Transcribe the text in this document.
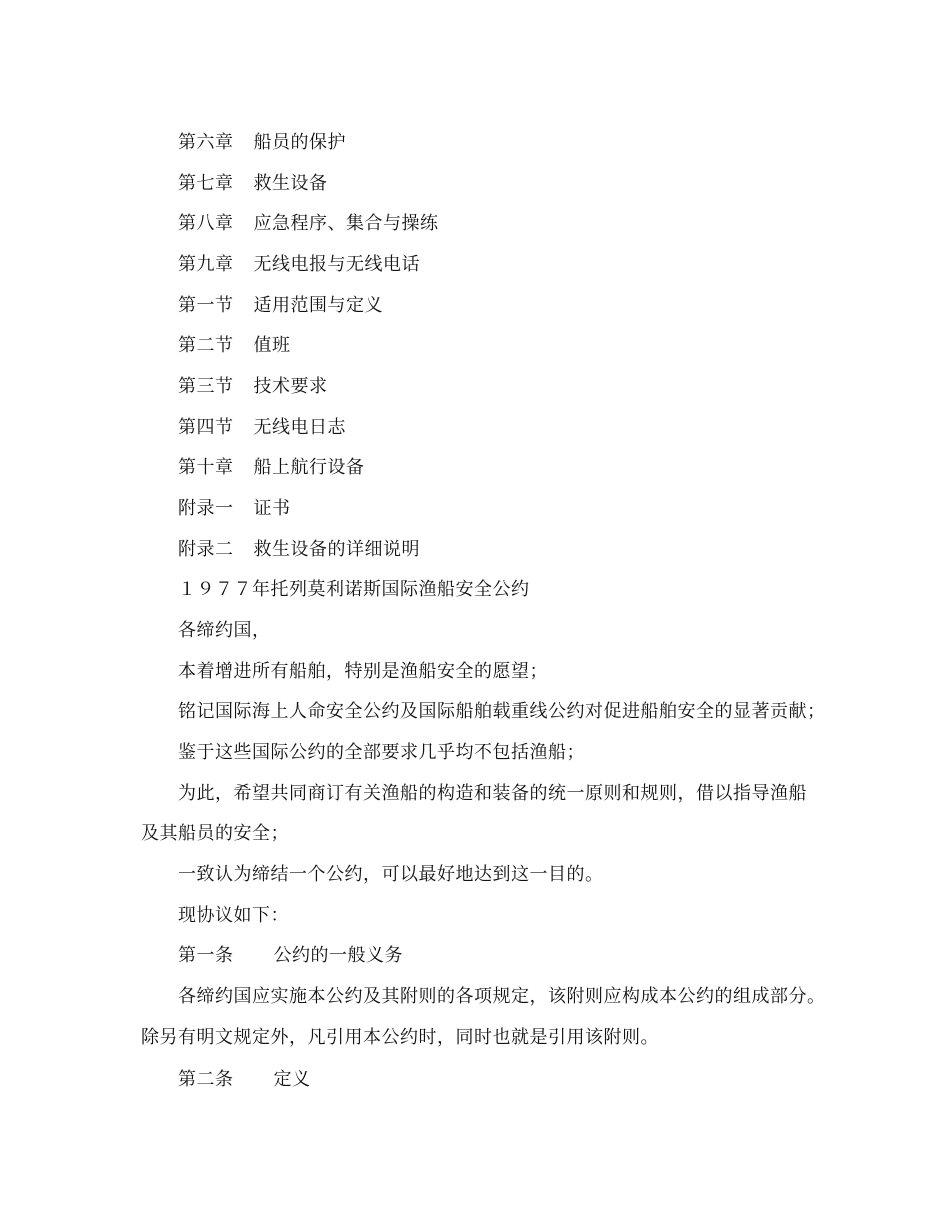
第六章 船员的保护
第七章 救生设备
第八章 应急程序、集合与操练
第九章 无线电报与无线电话
第一节 适用范围与定义
第二节 值班
第三节 技术要求
第四节 无线电日志
第十章 船上航行设备
附录一 证书
附录二 救生设备的详细说明
１９７７年托列莫利诺斯国际渔船安全公约
各缔约国，
本着增进所有船舶，特别是渔船安全的愿望；
铭记国际海上人命安全公约及国际船舶载重线公约对促进船舶安全的显著贡献；
鉴于这些国际公约的全部要求几乎均不包括渔船；
为此，希望共同商订有关渔船的构造和装备的统一原则和规则，借以指导渔船
及其船员的安全；
一致认为缔结一个公约，可以最好地达到这一目的。
现协议如下：
第一条 公约的一般义务
各缔约国应实施本公约及其附则的各项规定，该附则应构成本公约的组成部分。
除另有明文规定外，凡引用本公约时，同时也就是引用该附则。
第二条 定义
